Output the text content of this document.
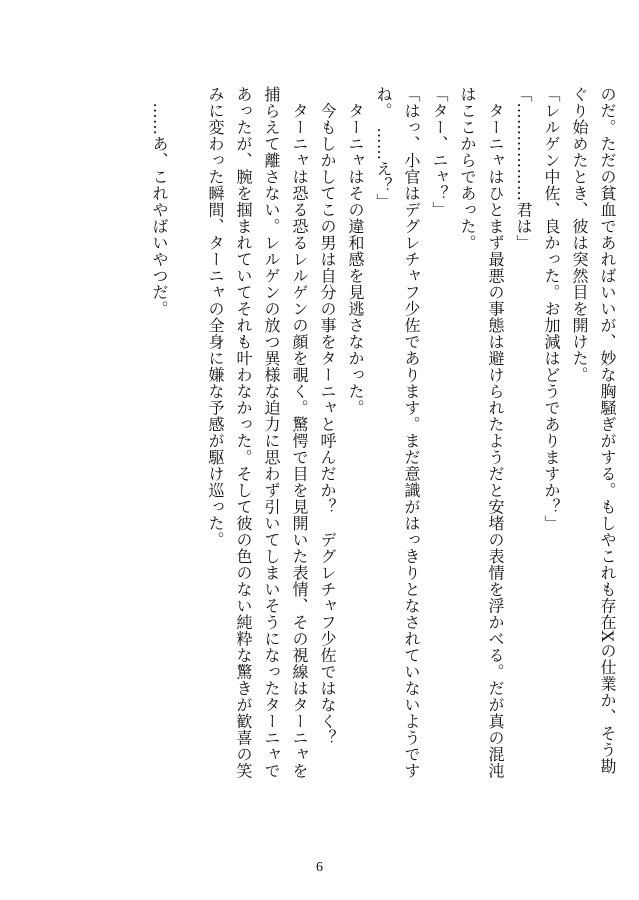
のだ。ただの貧血であればいいが、妙な胸騒ぎがする。もしやこれも存在Xの仕業か、そう勘
ぐり始めたとき、彼は突然目を開けた。
「レルゲン中佐、良かった。お加減はどうでありますか？」
「………………君は」
　ターニャはひとまず最悪の事態は避けられたようだと安堵の表情を浮かべる。だが真の混沌
はここからであった。
「ター、ニャ？」
「はっ、小官はデグレチャフ少佐であります。まだ意識がはっきりとなされていないようです
ね。　……え？」
　ターニャはその違和感を見逃さなかった。
　今もしかしてこの男は自分の事をターニャと呼んだか？　デグレチャフ少佐ではなく？
　ターニャは恐る恐るレルゲンの顔を覗く。驚愕で目を見開いた表情、その視線はターニャを
捕らえて離さない。レルゲンの放つ異様な迫力に思わず引いてしまいそうになったターニャで
あったが、腕を掴まれていてそれも叶わなかった。そして彼の色のない純粋な驚きが歓喜の笑
みに変わった瞬間、ターニャの全身に嫌な予感が駆け巡った。
　……あ、これやばいやつだ。
6
